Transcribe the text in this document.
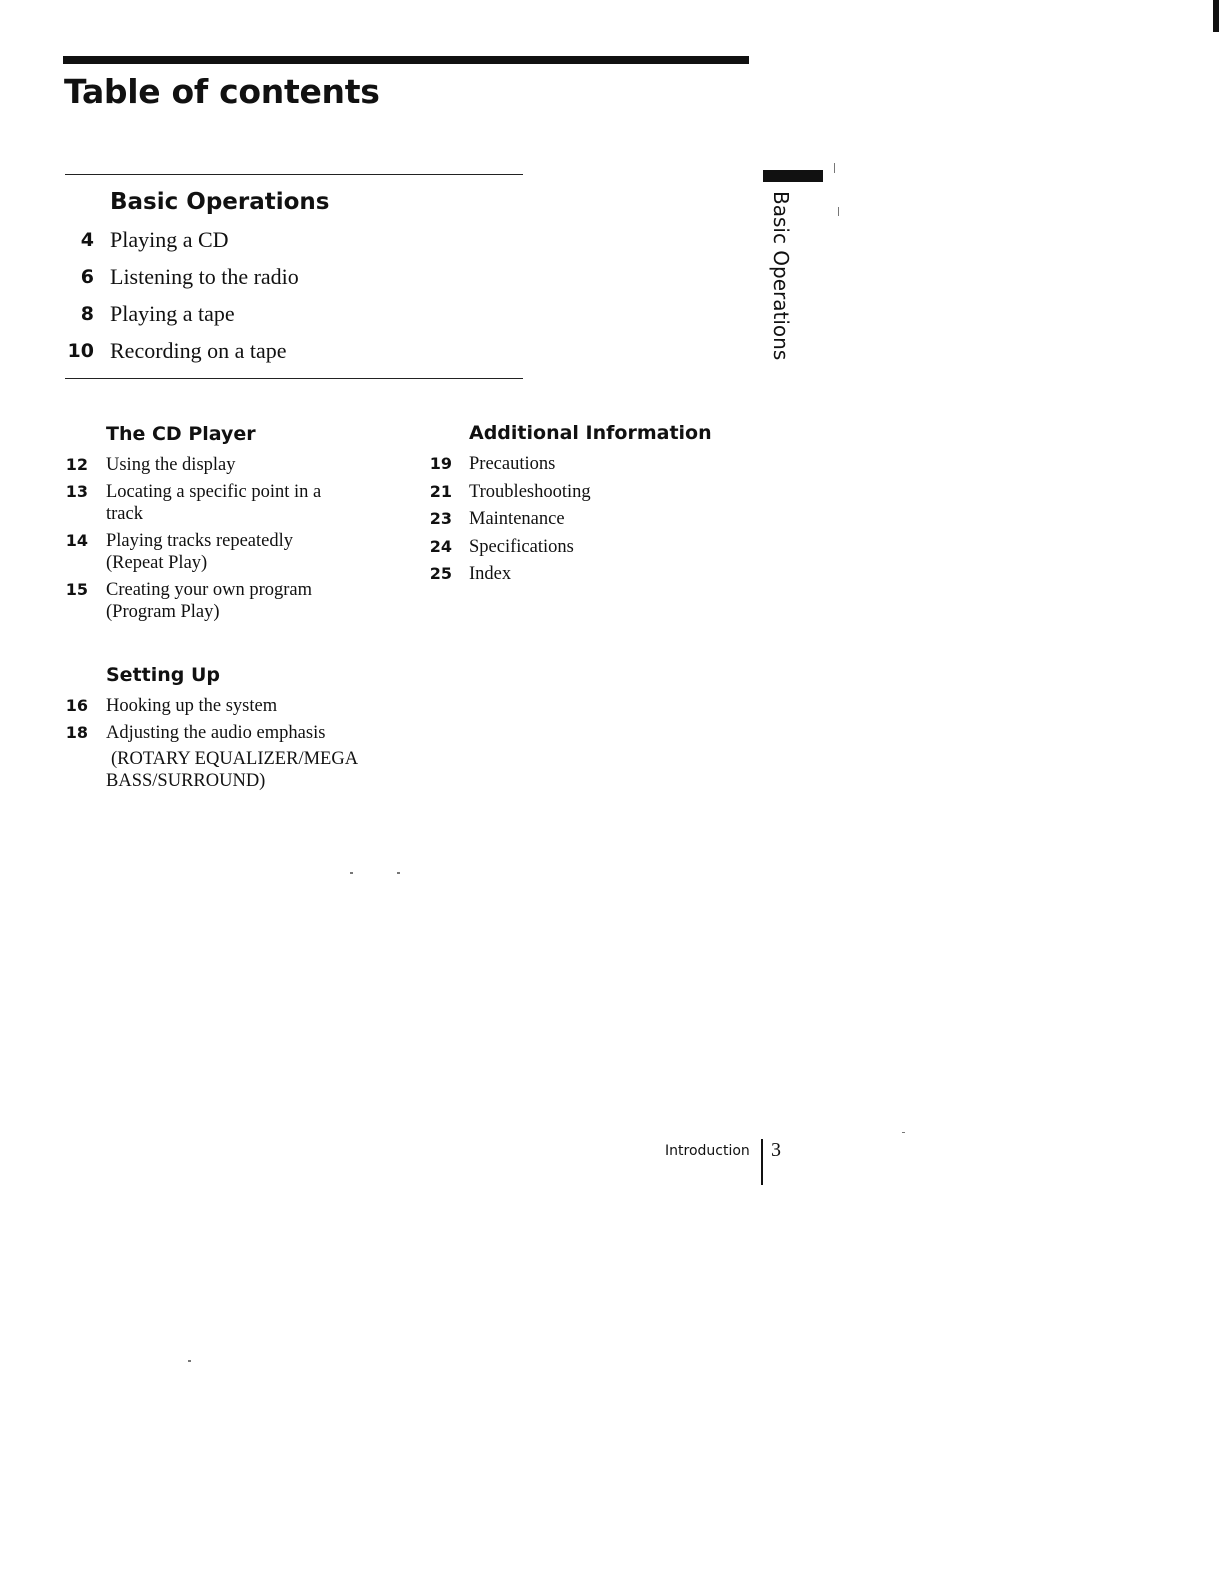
Table of contents
Basic Operations
4 Playing a CD
6 Listening to the radio
8 Playing a tape
10 Recording on a tape
The CD Player
12 Using the display
13 Locating a specific point in a
track
14 Playing tracks repeatedly
(Repeat Play)
15 Creating your own program
(Program Play)
Setting Up
16 Hooking up the system
18 Adjusting the audio emphasis
(ROTARY EQUALIZER/MEGA
BASS/SURROUND)
Additional Information
19 Precautions
21 Troubleshooting
23 Maintenance
24 Specifications
25 Index
Basic Operations
Introduction 3
